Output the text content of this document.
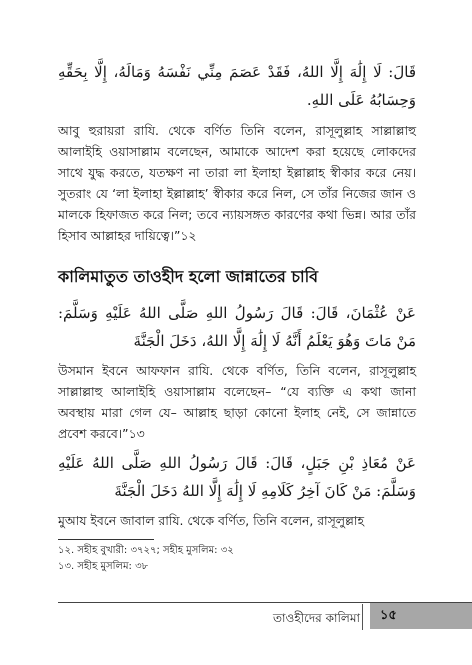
قَالَ: لَا إِلَٰهَ إِلَّا اللهُ، فَقَدْ عَصَمَ مِنِّي نَفْسَهُ وَمَالَهُ، إِلَّا بِحَقِّهِ وَحِسَابُهُ عَلَى اللهِ.
আবু হুরায়রা রাযি. থেকে বর্ণিত তিনি বলেন, রাসূলুল্লাহ সাল্লাল্লাহু আলাইহি ওয়াসাল্লাম বলেছেন, আমাকে আদেশ করা হয়েছে লোকদের সাথে যুদ্ধ করতে, যতক্ষণ না তারা লা ইলাহা ইল্লাল্লাহ স্বীকার করে নেয়। সুতরাং যে ‘লা ইলাহা ইল্লাল্লাহ’ স্বীকার করে নিল, সে তাঁর নিজের জান ও মালকে হিফাজত করে নিল; তবে ন্যায়সঙ্গত কারণের কথা ভিন্ন। আর তাঁর হিসাব আল্লাহর দায়িত্বে।”১২
কালিমাতুত তাওহীদ হলো জান্নাতের চাবি
عَنْ عُثْمَانَ، قَالَ: قَالَ رَسُولُ اللهِ صَلَّى اللهُ عَلَيْهِ وَسَلَّمَ: مَنْ مَاتَ وَهُوَ يَعْلَمُ أَنَّهُ لَا إِلَٰهَ إِلَّا اللهُ، دَخَلَ الْجَنَّةَ
উসমান ইবনে আফফান রাযি. থেকে বর্ণিত, তিনি বলেন, রাসূলুল্লাহ সাল্লাল্লাহু আলাইহি ওয়াসাল্লাম বলেছেন– “যে ব্যক্তি এ কথা জানা অবস্থায় মারা গেল যে– আল্লাহ ছাড়া কোনো ইলাহ নেই, সে জান্নাতে প্রবেশ করবে।”১৩
عَنْ مُعَاذِ بْنِ جَبَلٍ، قَالَ: قَالَ رَسُولُ اللهِ صَلَّى اللهُ عَلَيْهِ وَسَلَّمَ: مَنْ كَانَ آخِرُ كَلَامِهِ لَا إِلَٰهَ إِلَّا اللهُ دَخَلَ الْجَنَّةَ
মুআয ইবনে জাবাল রাযি. থেকে বর্ণিত, তিনি বলেন, রাসূলুল্লাহ
১২. সহীহ বুখারী: ৩৭২৭; সহীহ মুসলিম: ৩২
১৩. সহীহ মুসলিম: ৩৮
তাওহীদের কালিমা ১৫
